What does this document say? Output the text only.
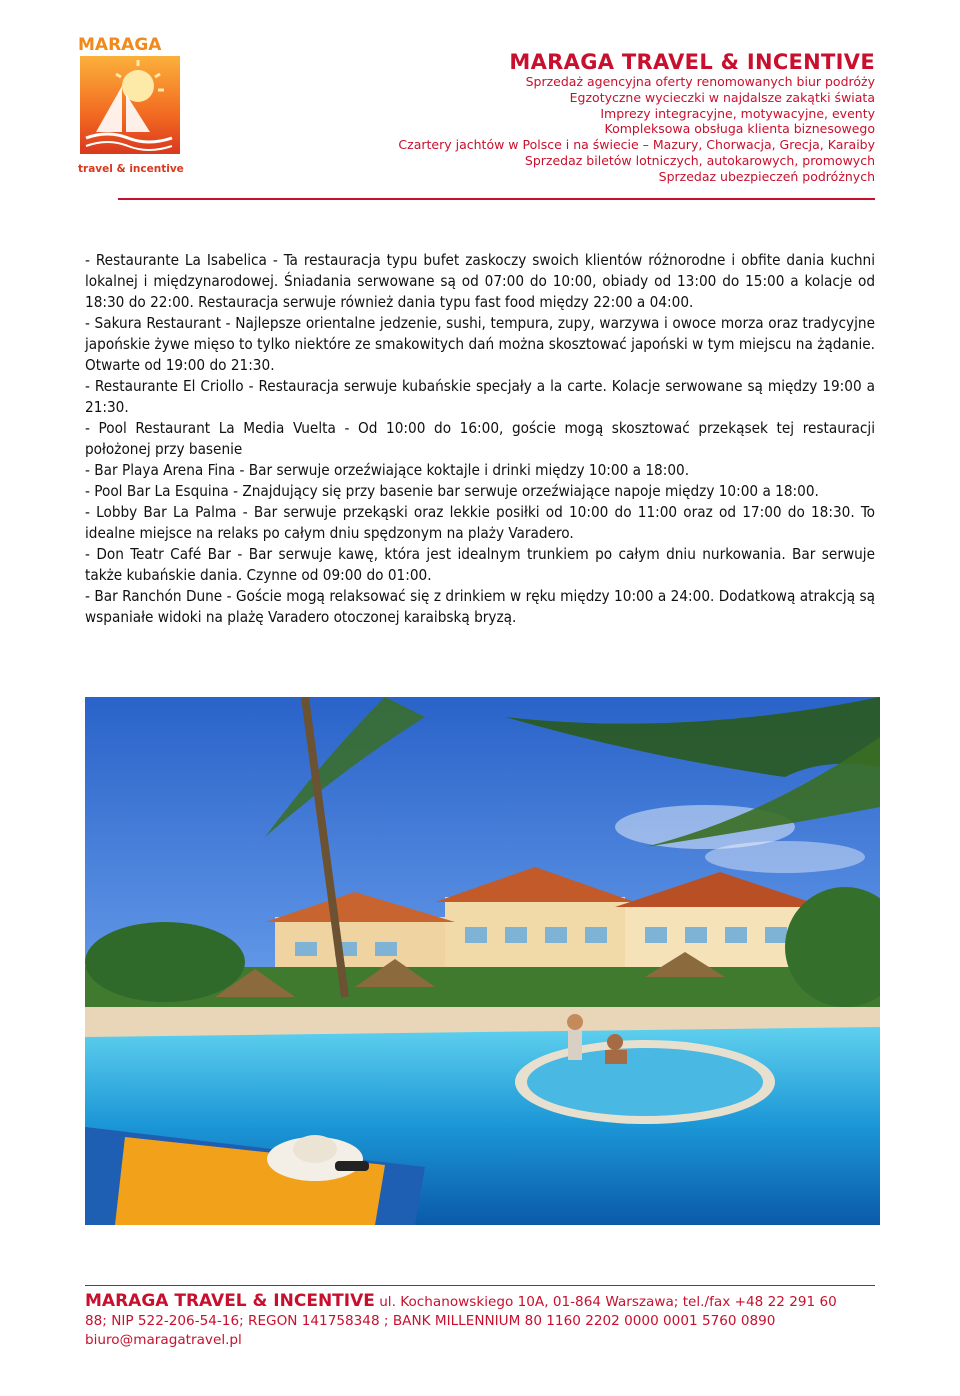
MARAGA
travel & incentive
MARAGA TRAVEL & INCENTIVE
Sprzedaż agencyjna oferty renomowanych biur podróży
Egzotyczne wycieczki w najdalsze zakątki świata
Imprezy integracyjne, motywacyjne, eventy
Kompleksowa obsługa klienta biznesowego
Czartery jachtów w Polsce i na świecie – Mazury, Chorwacja, Grecja, Karaiby
Sprzedaz biletów lotniczych, autokarowych, promowych
Sprzedaz ubezpieczeń podróżnych

- Restaurante La Isabelica - Ta restauracja typu bufet zaskoczy swoich klientów różnorodne i obfite dania kuchni lokalnej i międzynarodowej. Śniadania serwowane są od 07:00 do 10:00, obiady od 13:00 do 15:00 a kolacje od 18:30 do 22:00. Restauracja serwuje również dania typu fast food między 22:00 a 04:00.

- Sakura Restaurant - Najlepsze orientalne jedzenie, sushi, tempura, zupy, warzywa i owoce morza oraz tradycyjne japońskie żywe mięso to tylko niektóre ze smakowitych dań można skosztować japoński w tym miejscu na żądanie. Otwarte od 19:00 do 21:30.

- Restaurante El Criollo - Restauracja serwuje kubańskie specjały a la carte. Kolacje serwowane są między 19:00 a 21:30.

- Pool Restaurant La Media Vuelta - Od 10:00 do 16:00, goście mogą skosztować przekąsek tej restauracji położonej przy basenie

- Bar Playa Arena Fina - Bar serwuje orzeźwiające koktajle i drinki między 10:00 a 18:00.

- Pool Bar La Esquina - Znajdujący się przy basenie bar serwuje orzeźwiające napoje między 10:00 a 18:00.

- Lobby Bar La Palma - Bar serwuje przekąski oraz lekkie posiłki od 10:00 do 11:00 oraz od 17:00 do 18:30. To idealne miejsce na relaks po całym dniu spędzonym na plaży Varadero.

- Don Teatr Café Bar - Bar serwuje kawę, która jest idealnym trunkiem po całym dniu nurkowania. Bar serwuje także kubańskie dania. Czynne od 09:00 do 01:00.

- Bar Ranchón Dune - Goście mogą relaksować się z drinkiem w ręku między 10:00 a 24:00. Dodatkową atrakcją są wspaniałe widoki na plażę Varadero otoczonej karaibską bryzą.

MARAGA TRAVEL & INCENTIVE ul. Kochanowskiego 10A, 01-864 Warszawa; tel./fax +48 22 291 60
88; NIP 522-206-54-16; REGON 141758348 ; BANK MILLENNIUM 80 1160 2202 0000 0001 5760 0890
biuro@maragatravel.pl
